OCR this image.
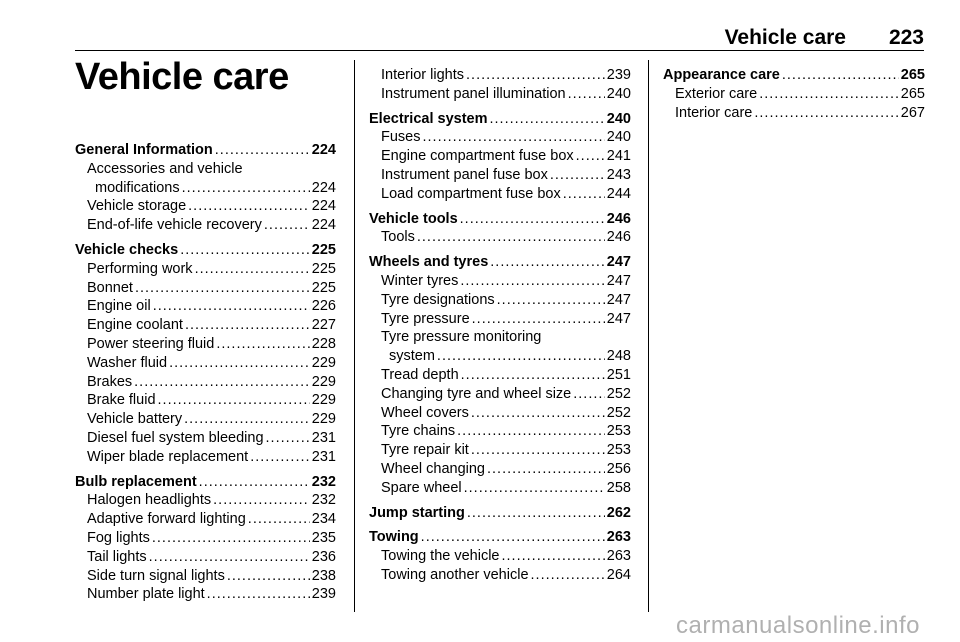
Vehicle care 223
Vehicle care
General Information .....	224
Accessories and vehicle
modifications .....	224
Vehicle storage .....	224
End-of-life vehicle recovery .....	224
Vehicle checks .....	225
Performing work .....	225
Bonnet .....	225
Engine oil .....	226
Engine coolant .....	227
Power steering fluid .....	228
Washer fluid .....	229
Brakes .....	229
Brake fluid .....	229
Vehicle battery .....	229
Diesel fuel system bleeding .....	231
Wiper blade replacement .....	231
Bulb replacement .....	232
Halogen headlights .....	232
Adaptive forward lighting .....	234
Fog lights .....	235
Tail lights .....	236
Side turn signal lights .....	238
Number plate light .....	239
Interior lights .....	239
Instrument panel illumination .....	240
Electrical system .....	240
Fuses .....	240
Engine compartment fuse box ..... 241
Instrument panel fuse box .....	243
Load compartment fuse box .....	244
Vehicle tools .....	246
Tools .....	246
Wheels and tyres .....	247
Winter tyres .....	247
Tyre designations .....	247
Tyre pressure .....	247
Tyre pressure monitoring
system .....	248
Tread depth .....	251
Changing tyre and wheel size ..... 252
Wheel covers .....	252
Tyre chains .....	253
Tyre repair kit .....	253
Wheel changing .....	256
Spare wheel .....	258
Jump starting .....	262
Towing .....	263
Towing the vehicle .....	263
Towing another vehicle .....	264
Appearance care .....	265
Exterior care .....	265
Interior care .....	267
carmanualsonline.info
